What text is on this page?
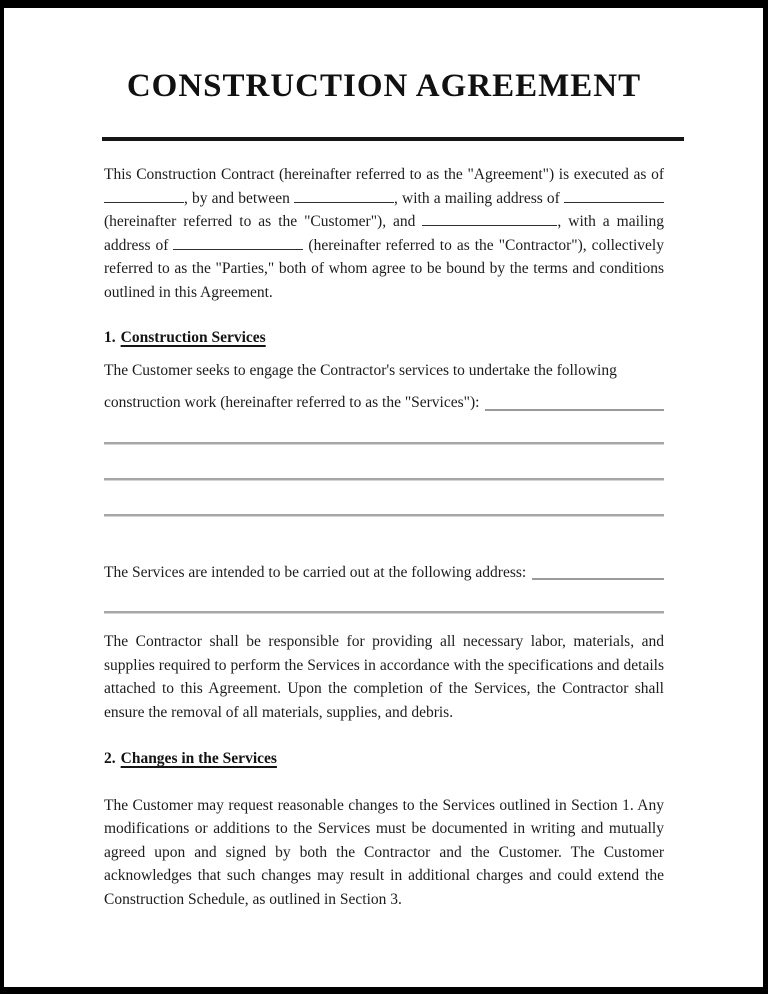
CONSTRUCTION AGREEMENT

This Construction Contract (hereinafter referred to as the "Agreement") is executed as of , by and between	, with a mailing address of  (hereinafter referred to as the "Customer"), and	, with a mailing address of	(hereinafter referred to as the "Contractor"), collectively referred to as the "Parties," both of whom agree to be bound by the terms and conditions outlined in this Agreement.

1. Construction Services

The Customer seeks to engage the Contractor's services to undertake the following

construction work (hereinafter referred to as the "Services"):
The Services are intended to be carried out at the following address:

The Contractor shall be responsible for providing all necessary labor, materials, and supplies required to perform the Services in accordance with the specifications and details attached to this Agreement. Upon the completion of the Services, the Contractor shall ensure the removal of all materials, supplies, and debris.

2. Changes in the Services

The Customer may request reasonable changes to the Services outlined in Section 1. Any modifications or additions to the Services must be documented in writing and mutually agreed upon and signed by both the Contractor and the Customer. The Customer acknowledges that such changes may result in additional charges and could extend the Construction Schedule, as outlined in Section 3.
